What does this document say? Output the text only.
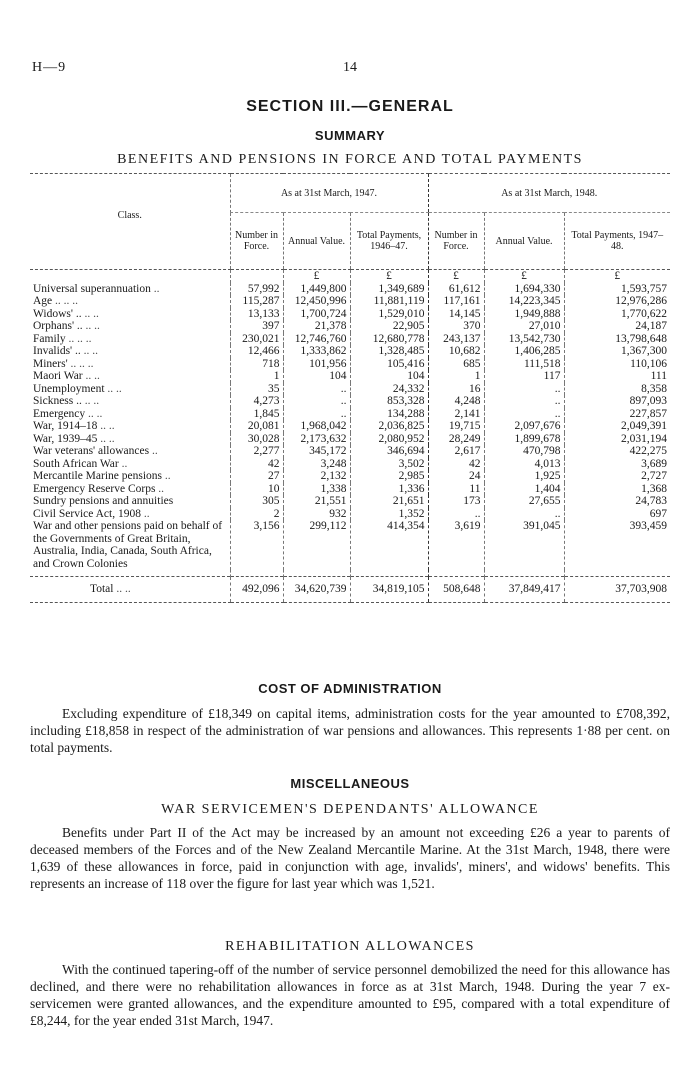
H—9	14
SECTION III.—GENERAL
SUMMARY
BENEFITS AND PENSIONS IN FORCE AND TOTAL PAYMENTS
Class.	As at 31st March, 1947.			As at 31st March, 1948.		
	Number in Force.	Annual Value.	Total Payments, 1946–47.	Number in Force.	Annual Value.	Total Payments, 1947–48.
		£	£	£	£	£
Universal superannuation ..	57,992	1,449,800	1,349,689	61,612	1,694,330	1,593,757
Age .. .. ..	115,287	12,450,996	11,881,119	117,161	14,223,345	12,976,286
Widows' .. .. ..	13,133	1,700,724	1,529,010	14,145	1,949,888	1,770,622
Orphans' .. .. ..	397	21,378	22,905	370	27,010	24,187
Family .. .. ..	230,021	12,746,760	12,680,778	243,137	13,542,730	13,798,648
Invalids' .. .. ..	12,466	1,333,862	1,328,485	10,682	1,406,285	1,367,300
Miners' .. .. ..	718	101,956	105,416	685	111,518	110,106
Maori War .. ..	1	104	104	1	117	111
Unemployment .. ..	35	..	24,332	16	..	8,358
Sickness .. .. ..	4,273	..	853,328	4,248	..	897,093
Emergency .. ..	1,845	..	134,288	2,141	..	227,857
War, 1914–18 .. ..	20,081	1,968,042	2,036,825	19,715	2,097,676	2,049,391
War, 1939–45 .. ..	30,028	2,173,632	2,080,952	28,249	1,899,678	2,031,194
War veterans' allowances ..	2,277	345,172	346,694	2,617	470,798	422,275
South African War ..	42	3,248	3,502	42	4,013	3,689
Mercantile Marine pensions ..	27	2,132	2,985	24	1,925	2,727
Emergency Reserve Corps ..	10	1,338	1,336	11	1,404	1,368
Sundry pensions and annuities	305	21,551	21,651	173	27,655	24,783
Civil Service Act, 1908 ..	2	932	1,352	..	..	697
War and other pensions paid on behalf of the Governments of Great Britain, Australia, India, Canada, South Africa, and Crown Colonies	3,156	299,112	414,354	3,619	391,045	393,459

Total .. ..	492,096	34,620,739	34,819,105	508,648	37,849,417	37,703,908
COST OF ADMINISTRATION
Excluding expenditure of £18,349 on capital items, administration costs for the year amounted to £708,392, including £18,858 in respect of the administration of war pensions and allowances. This represents 1·88 per cent. on total payments.
MISCELLANEOUS
WAR SERVICEMEN'S DEPENDANTS' ALLOWANCE
Benefits under Part II of the Act may be increased by an amount not exceeding £26 a year to parents of deceased members of the Forces and of the New Zealand Mercantile Marine. At the 31st March, 1948, there were 1,639 of these allowances in force, paid in conjunction with age, invalids', miners', and widows' benefits. This represents an increase of 118 over the figure for last year which was 1,521.
REHABILITATION ALLOWANCES
With the continued tapering-off of the number of service personnel demobilized the need for this allowance has declined, and there were no rehabilitation allowances in force as at 31st March, 1948. During the year 7 ex-servicemen were granted allowances, and the expenditure amounted to £95, compared with a total expenditure of £8,244, for the year ended 31st March, 1947.
